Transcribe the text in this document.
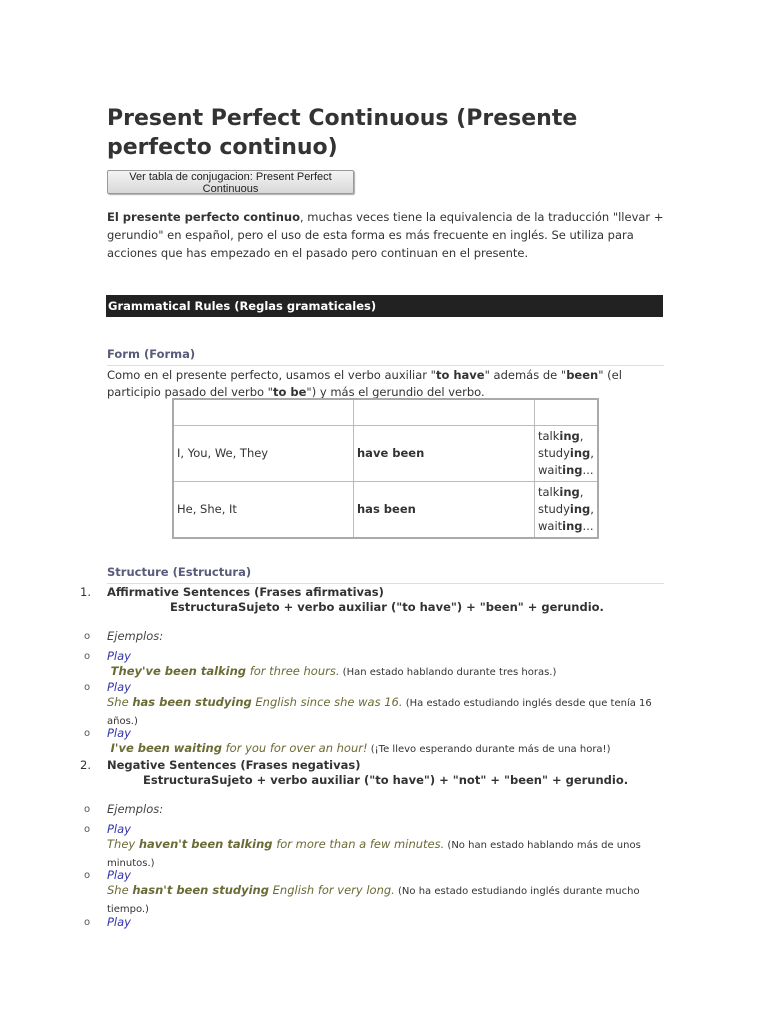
Present Perfect Continuous (Presente perfecto continuo)
Ver tabla de conjugacion: Present Perfect Continuous

El presente perfecto continuo, muchas veces tiene la equivalencia de la traducción "llevar + gerundio" en español, pero el uso de esta forma es más frecuente en inglés. Se utiliza para acciones que has empezado en el pasado pero continuan en el presente.

Grammatical Rules (Reglas gramaticales)
Form (Forma)

Como en el presente perfecto, usamos el verbo auxiliar "to have" además de "been" (el participio pasado del verbo "to be") y más el gerundio del verbo.

I, You, We, They	have been	talking,
studying,
waiting...
He, She, It	has been	talking,
studying,
waiting...
Structure (Estructura)
1. Affirmative Sentences (Frases afirmativas)
EstructuraSujeto + verbo auxiliar ("to have") + "been" + gerundio.
o Ejemplos:
o Play
They've been talking for three hours. (Han estado hablando durante tres horas.)
o Play
She has been studying English since she was 16. (Ha estado estudiando inglés desde que tenía 16 años.)
o Play
I've been waiting for you for over an hour! (¡Te llevo esperando durante más de una hora!)
2. Negative Sentences (Frases negativas)
EstructuraSujeto + verbo auxiliar ("to have") + "not" + "been" + gerundio.
o Ejemplos:
o Play
They haven't been talking for more than a few minutes. (No han estado hablando más de unos minutos.)
o Play
She hasn't been studying English for very long. (No ha estado estudiando inglés durante mucho tiempo.)
o Play
